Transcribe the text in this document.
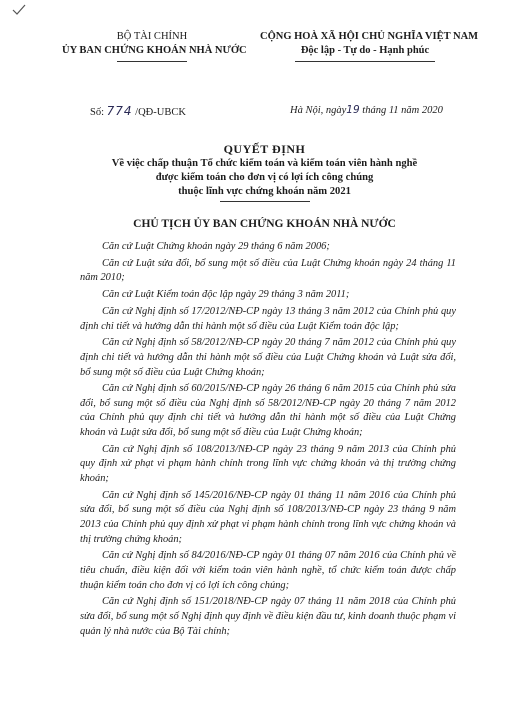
BỘ TÀI CHÍNH
ỦY BAN CHỨNG KHOÁN NHÀ NƯỚC
CỘNG HOÀ XÃ HỘI CHỦ NGHĨA VIỆT NAM
Độc lập - Tự do - Hạnh phúc
Số: 774 /QĐ-UBCK	Hà Nội, ngày19 tháng 11 năm 2020
QUYẾT ĐỊNH
Về việc chấp thuận Tổ chức kiểm toán và kiểm toán viên hành nghề
được kiểm toán cho đơn vị có lợi ích công chúng
thuộc lĩnh vực chứng khoán năm 2021
CHỦ TỊCH ỦY BAN CHỨNG KHOÁN NHÀ NƯỚC

Căn cứ Luật Chứng khoán ngày 29 tháng 6 năm 2006;

Căn cứ Luật sửa đổi, bổ sung một số điều của Luật Chứng khoán ngày 24 tháng 11 năm 2010;

Căn cứ Luật Kiểm toán độc lập ngày 29 tháng 3 năm 2011;

Căn cứ Nghị định số 17/2012/NĐ-CP ngày 13 tháng 3 năm 2012 của Chính phủ quy định chi tiết và hướng dẫn thi hành một số điều của Luật Kiểm toán độc lập;

Căn cứ Nghị định số 58/2012/NĐ-CP ngày 20 tháng 7 năm 2012 của Chính phủ quy định chi tiết và hướng dẫn thi hành một số điều của Luật Chứng khoán và Luật sửa đổi, bổ sung một số điều của Luật Chứng khoán;

Căn cứ Nghị định số 60/2015/NĐ-CP ngày 26 tháng 6 năm 2015 của Chính phủ sửa đổi, bổ sung một số điều của Nghị định số 58/2012/NĐ-CP ngày 20 tháng 7 năm 2012 của Chính phủ quy định chi tiết và hướng dẫn thi hành một số điều của Luật Chứng khoán và Luật sửa đổi, bổ sung một số điều của Luật Chứng khoán;

Căn cứ Nghị định số 108/2013/NĐ-CP ngày 23 tháng 9 năm 2013 của Chính phủ quy định xử phạt vi phạm hành chính trong lĩnh vực chứng khoán và thị trường chứng khoán;

Căn cứ Nghị định số 145/2016/NĐ-CP ngày 01 tháng 11 năm 2016 của Chính phủ sửa đổi, bổ sung một số điều của Nghị định số 108/2013/NĐ-CP ngày 23 tháng 9 năm 2013 của Chính phủ quy định xử phạt vi phạm hành chính trong lĩnh vực chứng khoán và thị trường chứng khoán;

Căn cứ Nghị định số 84/2016/NĐ-CP ngày 01 tháng 07 năm 2016 của Chính phủ về tiêu chuẩn, điều kiện đối với kiểm toán viên hành nghề, tổ chức kiểm toán được chấp thuận kiểm toán cho đơn vị có lợi ích công chúng;

Căn cứ Nghị định số 151/2018/NĐ-CP ngày 07 tháng 11 năm 2018 của Chính phủ sửa đổi, bổ sung một số Nghị định quy định về điều kiện đầu tư, kinh doanh thuộc phạm vi quản lý nhà nước của Bộ Tài chính;
